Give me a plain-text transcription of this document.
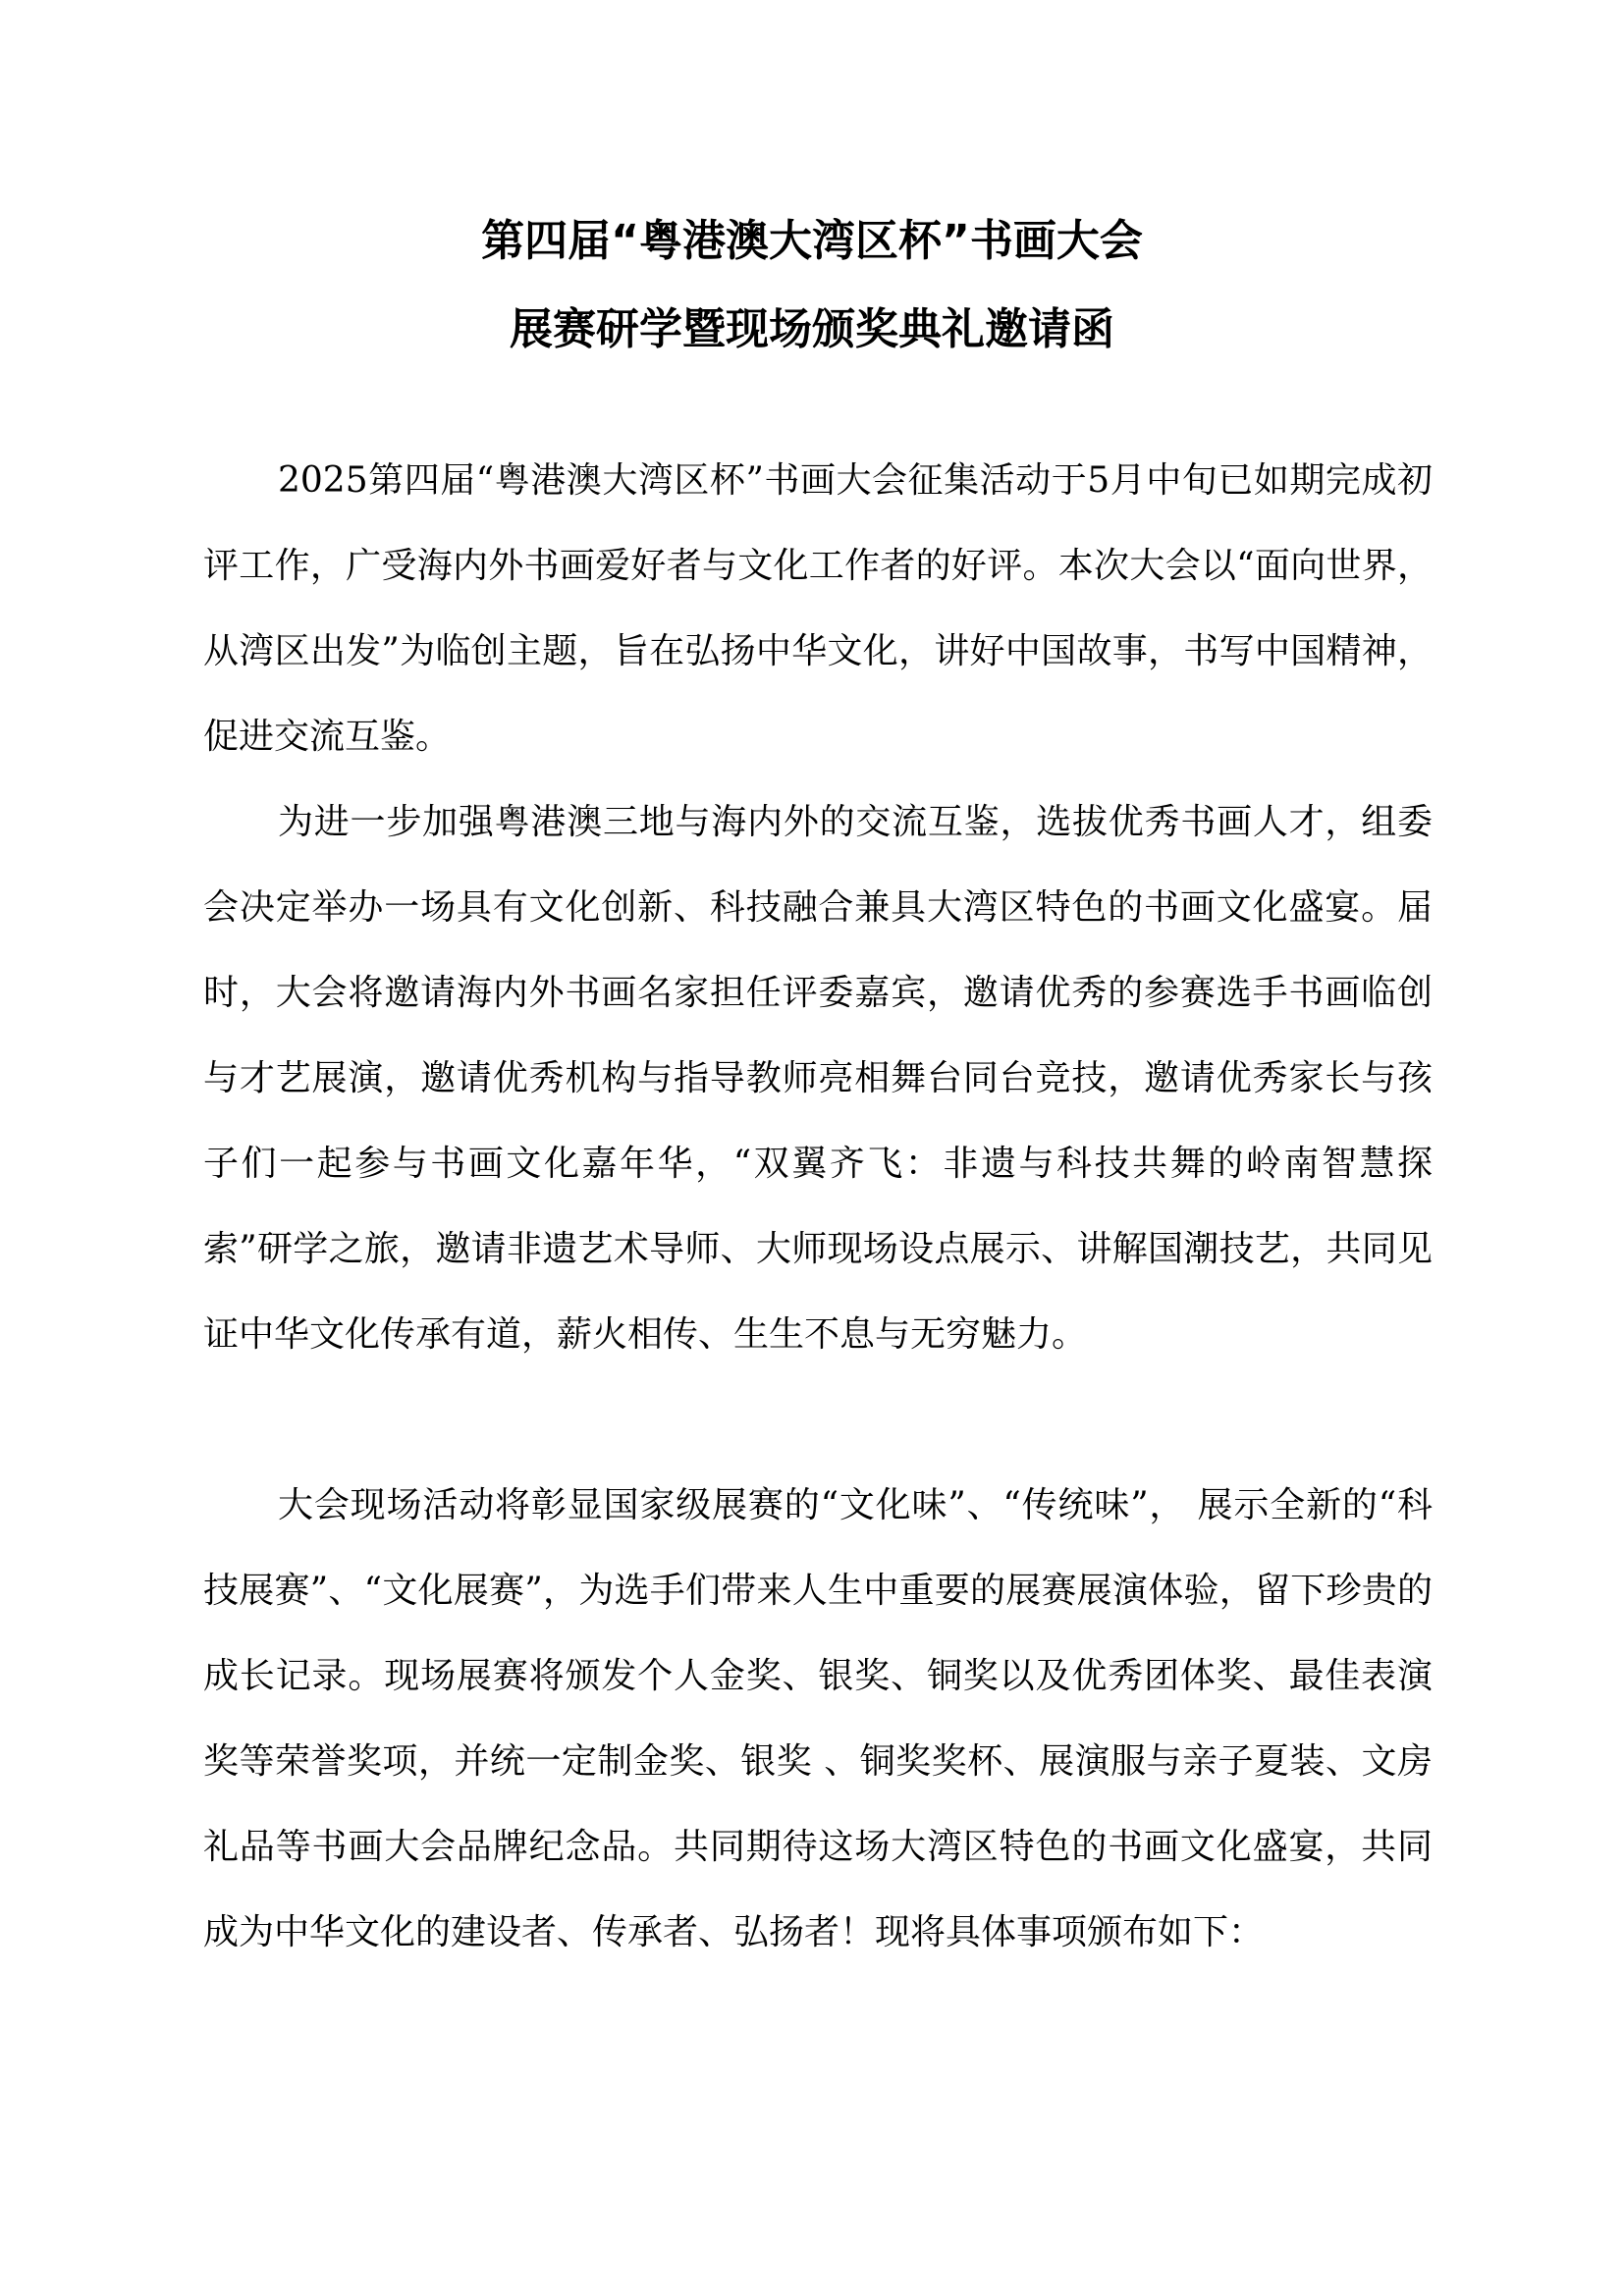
第四届“粤港澳大湾区杯”书画大会
展赛研学暨现场颁奖典礼邀请函

2025第四届“粤港澳大湾区杯”书画大会征集活动于5月中旬已如期完成初评工作，广受海内外书画爱好者与文化工作者的好评。本次大会以“面向世界，从湾区出发”为临创主题，旨在弘扬中华文化，讲好中国故事，书写中国精神，促进交流互鉴。

为进一步加强粤港澳三地与海内外的交流互鉴，选拔优秀书画人才，组委会决定举办一场具有文化创新、科技融合兼具大湾区特色的书画文化盛宴。届时，大会将邀请海内外书画名家担任评委嘉宾，邀请优秀的参赛选手书画临创与才艺展演，邀请优秀机构与指导教师亮相舞台同台竞技，邀请优秀家长与孩子们一起参与书画文化嘉年华，“双翼齐飞：非遗与科技共舞的岭南智慧探索”研学之旅，邀请非遗艺术导师、大师现场设点展示、讲解国潮技艺，共同见证中华文化传承有道，薪火相传、生生不息与无穷魅力。

大会现场活动将彰显国家级展赛的“文化味”、“传统味”， 展示全新的“科技展赛”、“文化展赛”，为选手们带来人生中重要的展赛展演体验，留下珍贵的成长记录。现场展赛将颁发个人金奖、银奖、铜奖以及优秀团体奖、最佳表演奖等荣誉奖项，并统一定制金奖、银奖 、铜奖奖杯、展演服与亲子夏装、文房礼品等书画大会品牌纪念品。共同期待这场大湾区特色的书画文化盛宴，共同成为中华文化的建设者、传承者、弘扬者！现将具体事项颁布如下：
